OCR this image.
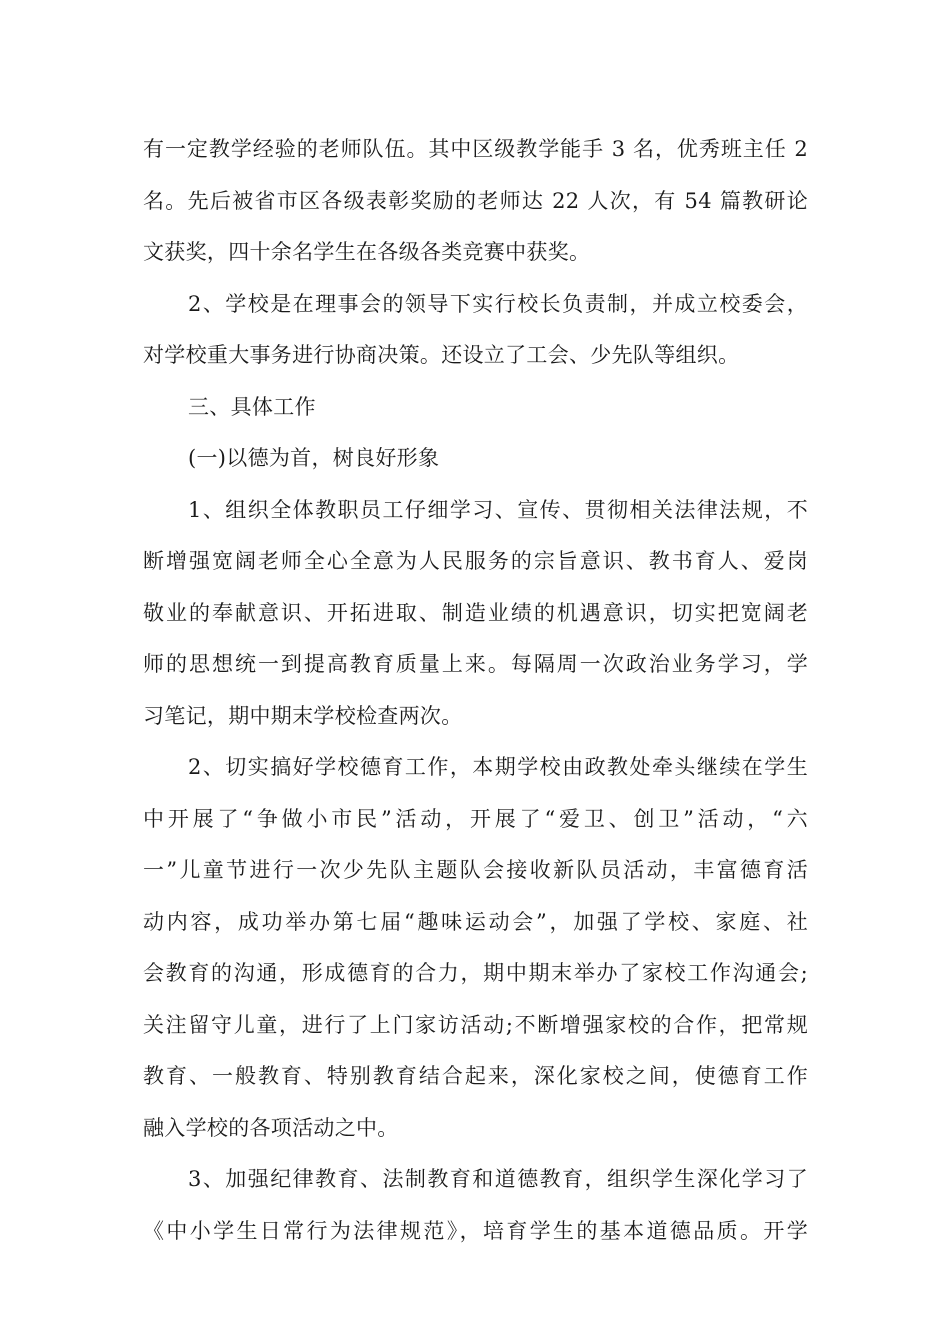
有一定教学经验的老师队伍。其中区级教学能手 3 名，优秀班主任 2
名。先后被省市区各级表彰奖励的老师达 22 人次，有 54 篇教研论
文获奖，四十余名学生在各级各类竞赛中获奖。
2、学校是在理事会的领导下实行校长负责制，并成立校委会，
对学校重大事务进行协商决策。还设立了工会、少先队等组织。
三、具体工作
(一)以德为首，树良好形象
1、组织全体教职员工仔细学习、宣传、贯彻相关法律法规，不
断增强宽阔老师全心全意为人民服务的宗旨意识、教书育人、爱岗
敬业的奉献意识、开拓进取、制造业绩的机遇意识，切实把宽阔老
师的思想统一到提高教育质量上来。每隔周一次政治业务学习，学
习笔记，期中期末学校检查两次。
2、切实搞好学校德育工作，本期学校由政教处牵头继续在学生
中开展了“争做小市民”活动，开展了“爱卫、创卫”活动，“六
一”儿童节进行一次少先队主题队会接收新队员活动，丰富德育活
动内容，成功举办第七届“趣味运动会”，加强了学校、家庭、社
会教育的沟通，形成德育的合力，期中期末举办了家校工作沟通会;
关注留守儿童，进行了上门家访活动;不断增强家校的合作，把常规
教育、一般教育、特别教育结合起来，深化家校之间，使德育工作
融入学校的各项活动之中。
3、加强纪律教育、法制教育和道德教育，组织学生深化学习了
《中小学生日常行为法律规范》，培育学生的基本道德品质。开学
